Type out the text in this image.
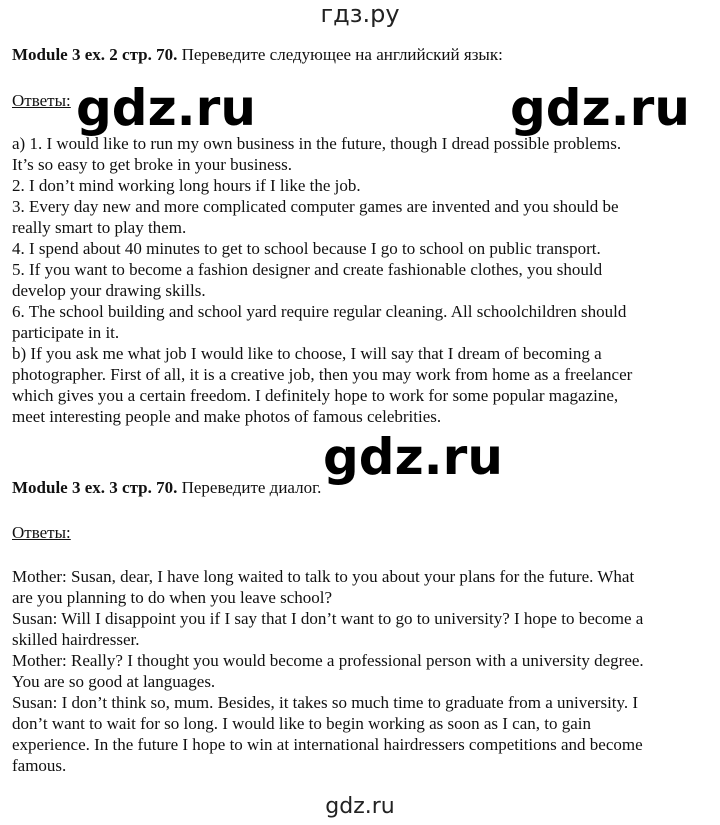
гдз.ру
Module 3 ex. 2 стр. 70. Переведите следующее на английский язык:
Ответы:

a) 1. I would like to run my own business in the future, though I dread possible problems.

It’s so easy to get broke in your business.

2. I don’t mind working long hours if I like the job.

3. Every day new and more complicated computer games are invented and you should be

really smart to play them.

4. I spend about 40 minutes to get to school because I go to school on public transport.

5. If you want to become a fashion designer and create fashionable clothes, you should

develop your drawing skills.

6. The school building and school yard require regular cleaning. All schoolchildren should

participate in it.

b) If you ask me what job I would like to choose, I will say that I dream of becoming a

photographer. First of all, it is a creative job, then you may work from home as a freelancer

which gives you a certain freedom. I definitely hope to work for some popular magazine,

meet interesting people and make photos of famous celebrities.

Module 3 ex. 3 стр. 70. Переведите диалог.
Ответы:

Mother: Susan, dear, I have long waited to talk to you about your plans for the future. What

are you planning to do when you leave school?

Susan: Will I disappoint you if I say that I don’t want to go to university? I hope to become a

skilled hairdresser.

Mother: Really? I thought you would become a professional person with a university degree.

You are so good at languages.

Susan: I don’t think so, mum. Besides, it takes so much time to graduate from a university. I

don’t want to wait for so long. I would like to begin working as soon as I can, to gain

experience. In the future I hope to win at international hairdressers competitions and become

famous.

gdz.ru	gdz.ru
gdz.ru
gdz.ru
